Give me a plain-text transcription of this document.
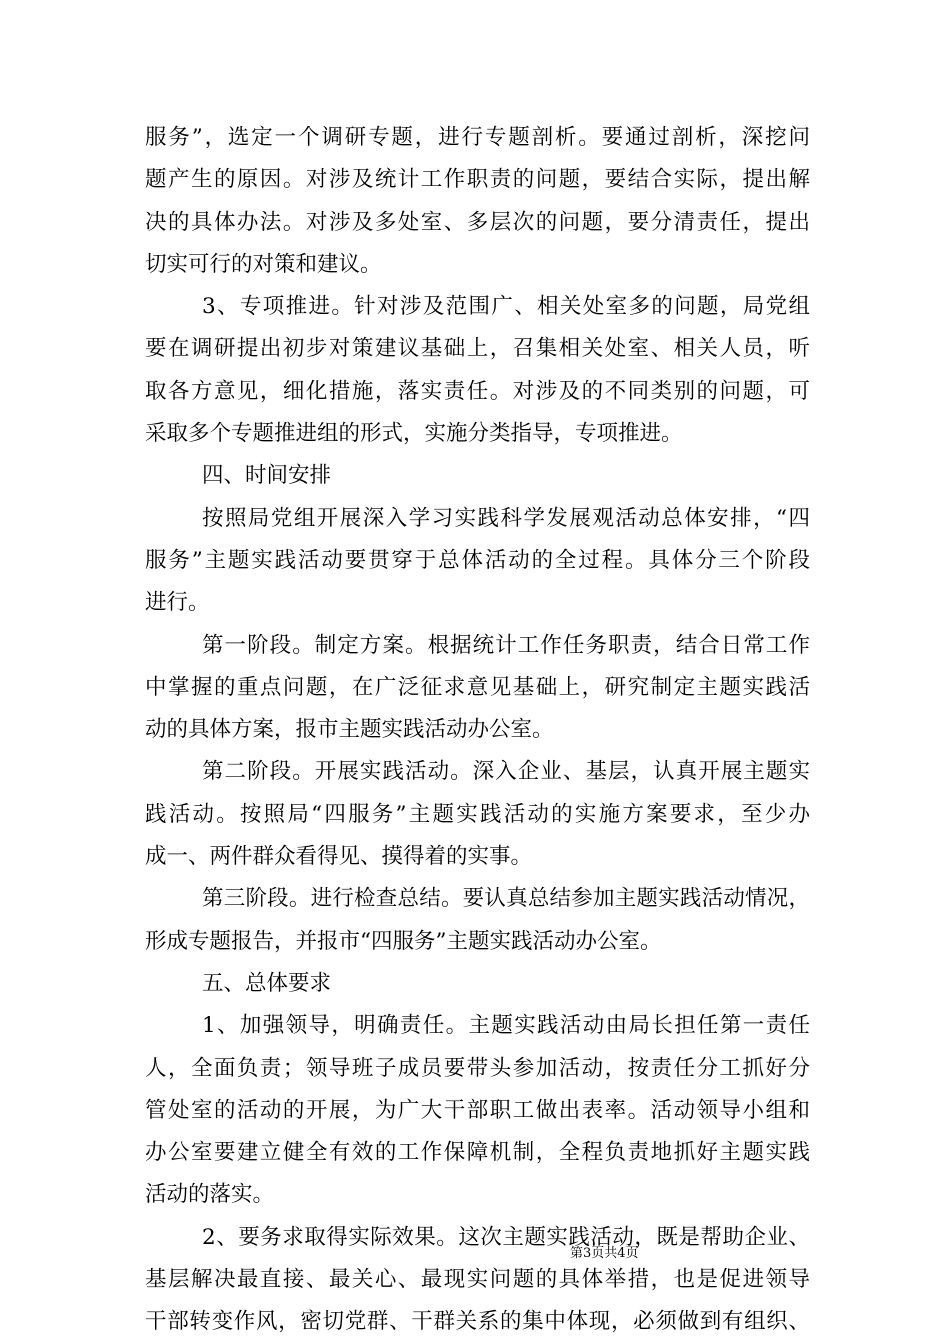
服务”，选定一个调研专题，进行专题剖析。要通过剖析，深挖问
题产生的原因。对涉及统计工作职责的问题，要结合实际，提出解
决的具体办法。对涉及多处室、多层次的问题，要分清责任，提出
切实可行的对策和建议。
3、专项推进。针对涉及范围广、相关处室多的问题，局党组
要在调研提出初步对策建议基础上，召集相关处室、相关人员，听
取各方意见，细化措施，落实责任。对涉及的不同类别的问题，可
采取多个专题推进组的形式，实施分类指导，专项推进。
四、时间安排
按照局党组开展深入学习实践科学发展观活动总体安排，“四
服务”主题实践活动要贯穿于总体活动的全过程。具体分三个阶段
进行。
第一阶段。制定方案。根据统计工作任务职责，结合日常工作
中掌握的重点问题，在广泛征求意见基础上，研究制定主题实践活
动的具体方案，报市主题实践活动办公室。
第二阶段。开展实践活动。深入企业、基层，认真开展主题实
践活动。按照局“四服务”主题实践活动的实施方案要求，至少办
成一、两件群众看得见、摸得着的实事。
第三阶段。进行检查总结。要认真总结参加主题实践活动情况，
形成专题报告，并报市“四服务”主题实践活动办公室。
五、总体要求
1、加强领导，明确责任。主题实践活动由局长担任第一责任
人，全面负责；领导班子成员要带头参加活动，按责任分工抓好分
管处室的活动的开展，为广大干部职工做出表率。活动领导小组和
办公室要建立健全有效的工作保障机制，全程负责地抓好主题实践
活动的落实。
2、要务求取得实际效果。这次主题实践活动，既是帮助企业、
基层解决最直接、最关心、最现实问题的具体举措，也是促进领导
干部转变作风，密切党群、干群关系的集中体现，必须做到有组织、
第3页共4页
